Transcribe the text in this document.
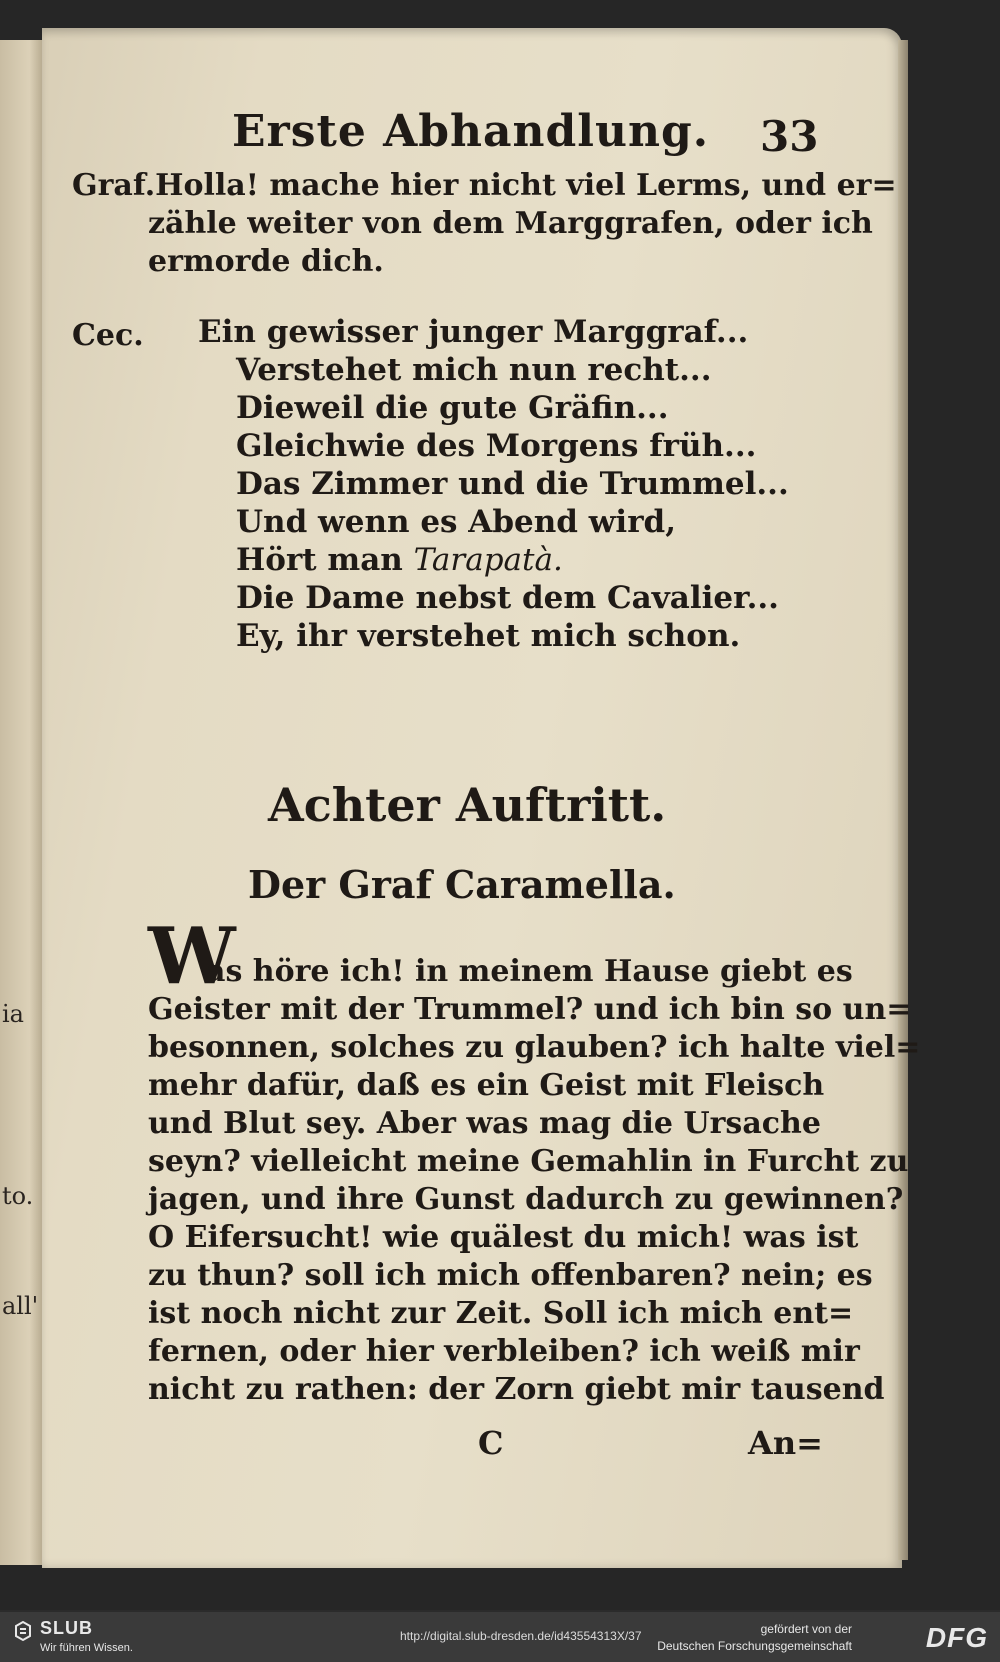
ia
to.
all'
Erste Abhandlung. 33
Graf.Holla! mache hier nicht viel Lerms, und er=
zähle weiter von dem Marggrafen, oder ich
ermorde dich.
Cec. Ein gewisser junger Marggraf...
Verstehet mich nun recht...
Dieweil die gute Gräfin...
Gleichwie des Morgens früh...
Das Zimmer und die Trummel...
Und wenn es Abend wird,
Hört man Tarapatà.
Die Dame nebst dem Cavalier...
Ey, ihr verstehet mich schon.
Achter Auftritt.
Der Graf Caramella.
W
as höre ich! in meinem Hause giebt es
Geister mit der Trummel? und ich bin so un=
besonnen, solches zu glauben? ich halte viel=
mehr dafür, daß es ein Geist mit Fleisch
und Blut sey. Aber was mag die Ursache
seyn? vielleicht meine Gemahlin in Furcht zu
jagen, und ihre Gunst dadurch zu gewinnen?
O Eifersucht! wie quälest du mich! was ist
zu thun? soll ich mich offenbaren? nein; es
ist noch nicht zur Zeit. Soll ich mich ent=
fernen, oder hier verbleiben? ich weiß mir
nicht zu rathen: der Zorn giebt mir tausend
C	An=
SLUB
Wir führen Wissen.
http://digital.slub-dresden.de/id43554313X/37	gefördert von der
Deutschen Forschungsgemeinschaft	DFG
